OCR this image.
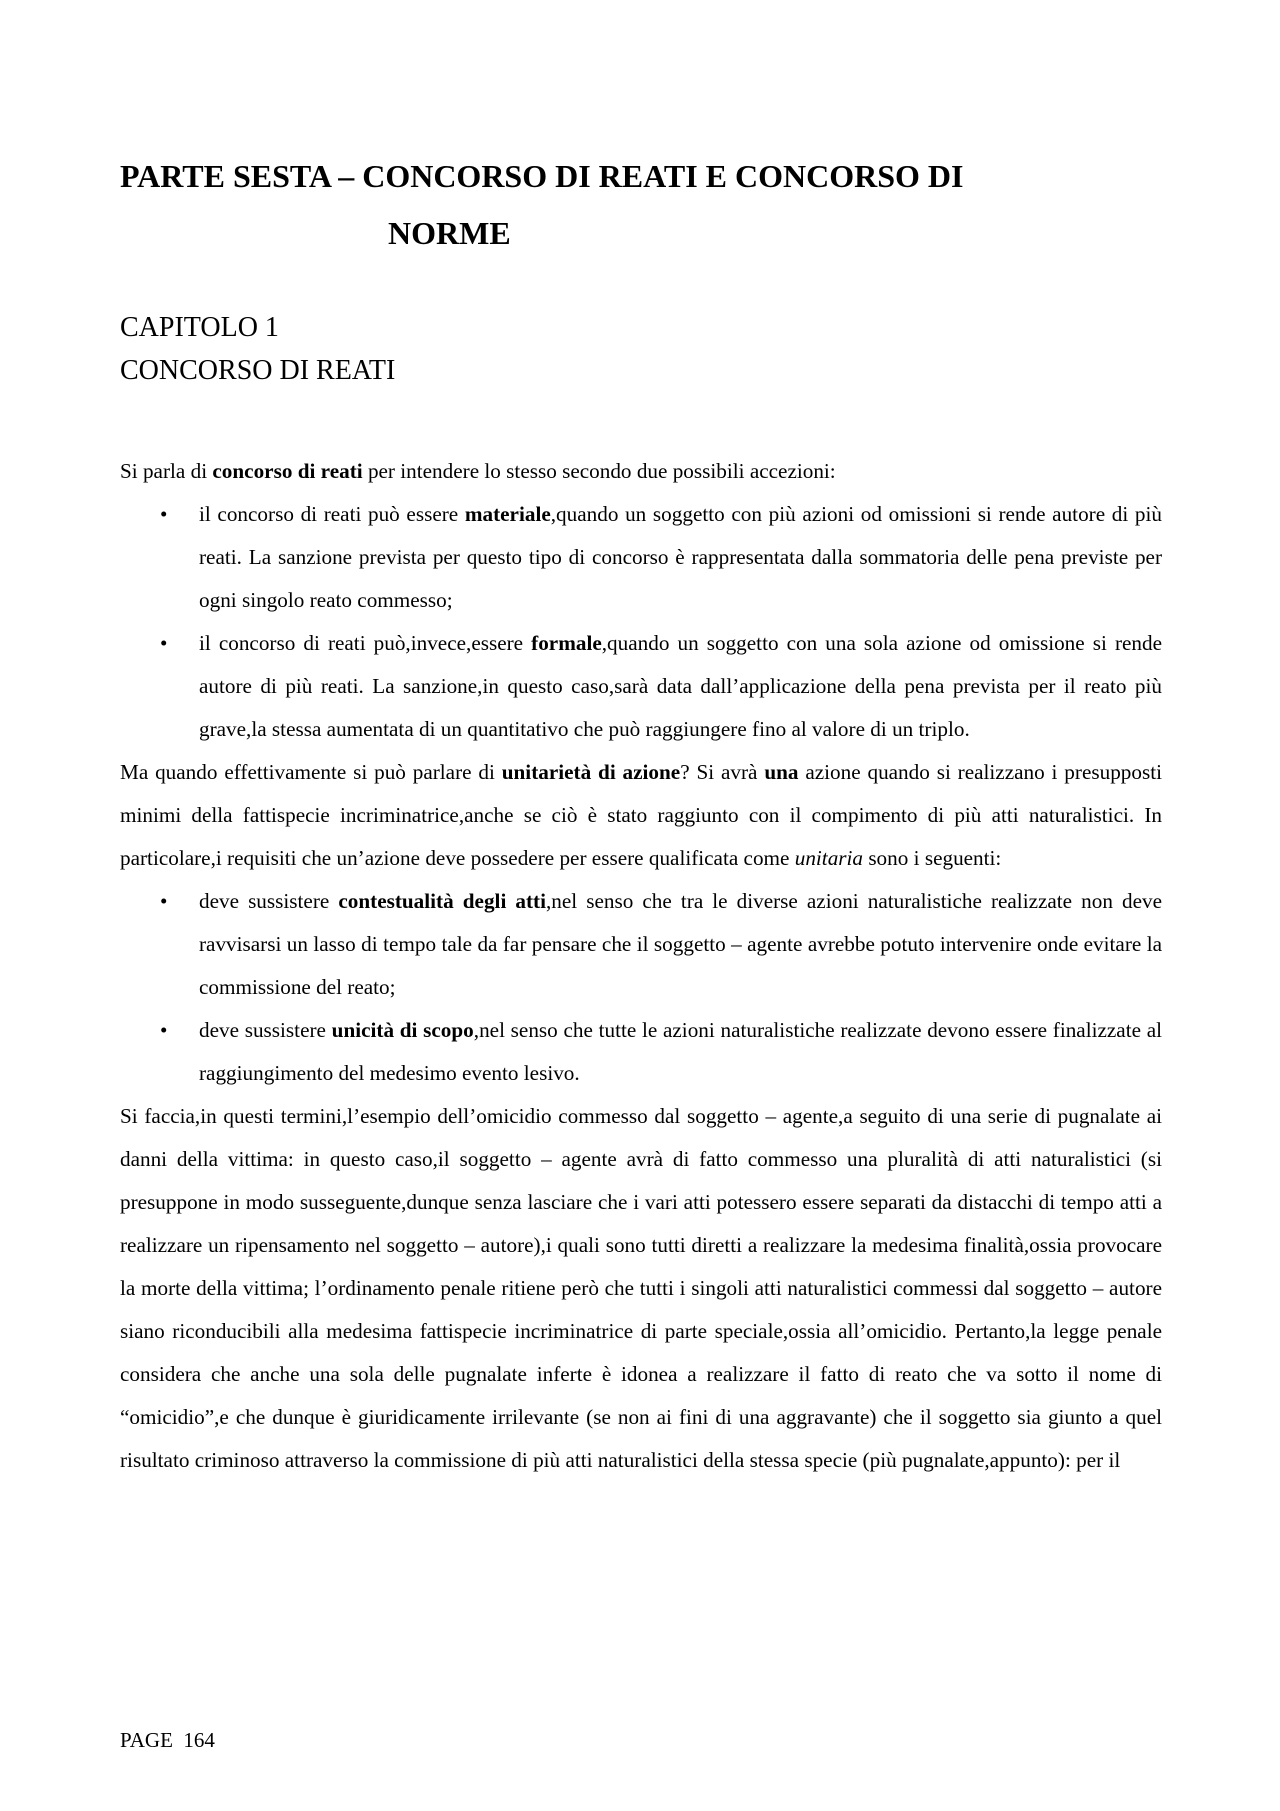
PARTE SESTA – CONCORSO DI REATI E CONCORSO DI
NORME
CAPITOLO 1
CONCORSO DI REATI

Si parla di concorso di reati per intendere lo stesso secondo due possibili accezioni:

• il concorso di reati può essere materiale,quando un soggetto con più azioni od omissioni si rende autore di più reati. La sanzione prevista per questo tipo di concorso è rappresentata dalla sommatoria delle pena previste per ogni singolo reato commesso;
• il concorso di reati può,invece,essere formale,quando un soggetto con una sola azione od omissione si rende autore di più reati. La sanzione,in questo caso,sarà data dall’applicazione della pena prevista per il reato più grave,la stessa aumentata di un quantitativo che può raggiungere fino al valore di un triplo.

Ma quando effettivamente si può parlare di unitarietà di azione? Si avrà una azione quando si realizzano i presupposti minimi della fattispecie incriminatrice,anche se ciò è stato raggiunto con il compimento di più atti naturalistici. In particolare,i requisiti che un’azione deve possedere per essere qualificata come unitaria sono i seguenti:

• deve sussistere contestualità degli atti,nel senso che tra le diverse azioni naturalistiche realizzate non deve ravvisarsi un lasso di tempo tale da far pensare che il soggetto – agente avrebbe potuto intervenire onde evitare la commissione del reato;
• deve sussistere unicità di scopo,nel senso che tutte le azioni naturalistiche realizzate devono essere finalizzate al raggiungimento del medesimo evento lesivo.

Si faccia,in questi termini,l’esempio dell’omicidio commesso dal soggetto – agente,a seguito di una serie di pugnalate ai danni della vittima: in questo caso,il soggetto – agente avrà di fatto commesso una pluralità di atti naturalistici (si presuppone in modo susseguente,dunque senza lasciare che i vari atti potessero essere separati da distacchi di tempo atti a realizzare un ripensamento nel soggetto – autore),i quali sono tutti diretti a realizzare la medesima finalità,ossia provocare la morte della vittima; l’ordinamento penale ritiene però che tutti i singoli atti naturalistici commessi dal soggetto – autore siano riconducibili alla medesima fattispecie incriminatrice di parte speciale,ossia all’omicidio. Pertanto,la legge penale considera che anche una sola delle pugnalate inferte è idonea a realizzare il fatto di reato che va sotto il nome di “omicidio”,e che dunque è giuridicamente irrilevante (se non ai fini di una aggravante) che il soggetto sia giunto a quel risultato criminoso attraverso la commissione di più atti naturalistici della stessa specie (più pugnalate,appunto): per il

PAGE 164
